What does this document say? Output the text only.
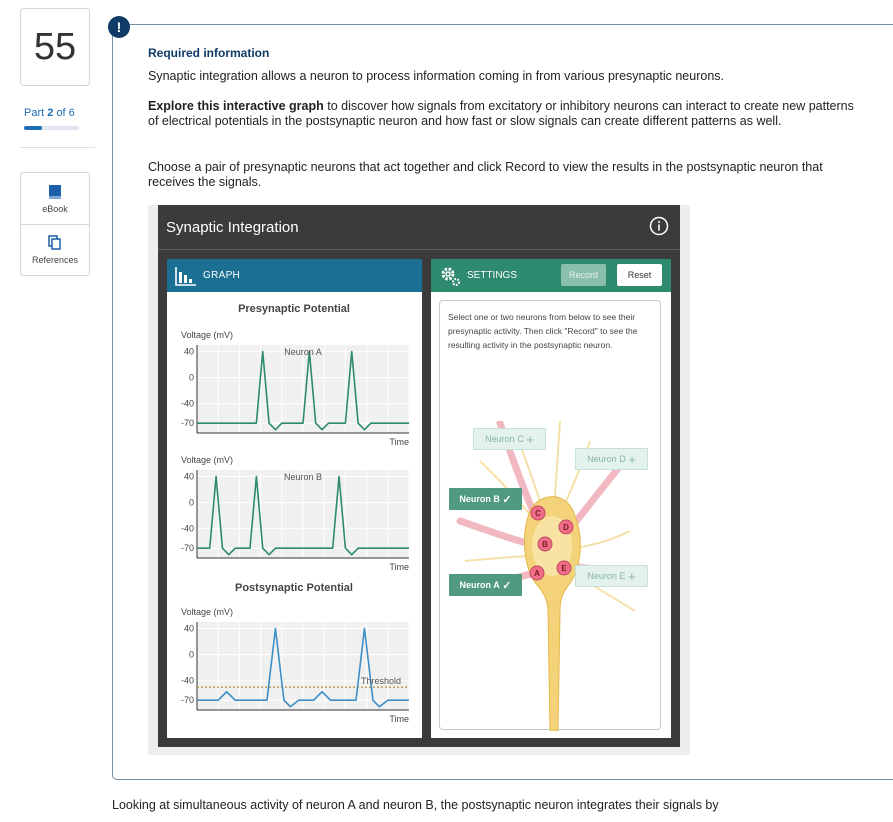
55
Part 2 of 6
eBook
References
!
Required information
Synaptic integration allows a neuron to process information coming in from various presynaptic neurons.
Explore this interactive graph to discover how signals from excitatory or inhibitory neurons can interact to create new patterns of electrical potentials in the postsynaptic neuron and how fast or slow signals can create different patterns as well.
Choose a pair of presynaptic neurons that act together and click Record to view the results in the postsynaptic neuron that receives the signals.
Synaptic Integration
GRAPH
Presynaptic Potential
Postsynaptic Potential
40
0
-40
-70
Voltage (mV)
Time
Neuron A
40
0
-40
-70
Voltage (mV)
Time
Neuron B
40
0
-40
-70
Voltage (mV)
Time
Threshold
SETTINGS	Record	Reset
Select one or two neurons from below to see their presynaptic activity. Then click "Record" to see the resulting activity in the postsynaptic neuron.
C
D
B
A
E
Neuron C
+
Neuron D
+
Neuron B
✓
Neuron A
✓
Neuron E
+
Looking at simultaneous activity of neuron A and neuron B, the postsynaptic neuron integrates their signals by
